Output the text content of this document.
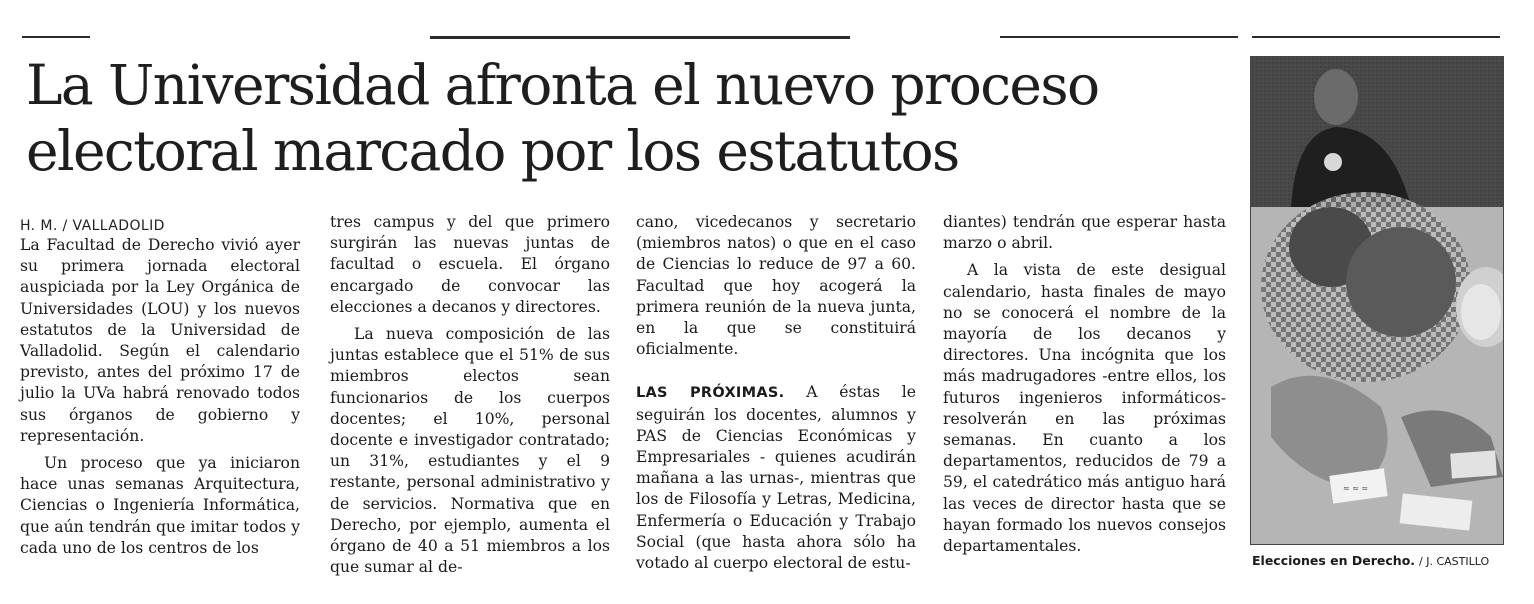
La Universidad afronta el nuevo proceso
electoral marcado por los estatutos
H. M. / VALLADOLID

La Facultad de Derecho vivió ayer su primera jornada electoral auspiciada por la Ley Orgánica de Universidades (LOU) y los nuevos estatutos de la Universidad de Valladolid. Según el calendario previsto, antes del próximo 17 de julio la UVa habrá renovado todos sus órganos de gobierno y representación.

Un proceso que ya iniciaron hace unas semanas Arquitectura, Ciencias o Ingeniería Informática, que aún tendrán que imitar todos y cada uno de los centros de los

tres campus y del que primero surgirán las nuevas juntas de facultad o escuela. El órgano encargado de convocar las elecciones a decanos y directores.

La nueva composición de las juntas establece que el 51% de sus miembros electos sean funcionarios de los cuerpos docentes; el 10%, personal docente e investigador contratado; un 31%, estudiantes y el 9 restante, personal administrativo y de servicios. Normativa que en Derecho, por ejemplo, aumenta el órgano de 40 a 51 miembros a los que sumar al de-

cano, vicedecanos y secretario (miembros natos) o que en el caso de Ciencias lo reduce de 97 a 60. Facultad que hoy acogerá la primera reunión de la nueva junta, en la que se constituirá oficialmente.

LAS PRÓXIMAS. A éstas le seguirán los docentes, alumnos y PAS de Ciencias Económicas y Empresariales - quienes acudirán mañana a las urnas-, mientras que los de Filosofía y Letras, Medicina, Enfermería o Educación y Trabajo Social (que hasta ahora sólo ha votado al cuerpo electoral de estu-

diantes) tendrán que esperar hasta marzo o abril.

A la vista de este desigual calendario, hasta finales de mayo no se conocerá el nombre de la mayoría de los decanos y directores. Una incógnita que los más madrugadores -entre ellos, los futuros ingenieros informáticos- resolverán en las próximas semanas. En cuanto a los departamentos, reducidos de 79 a 59, el catedrático más antiguo hará las veces de director hasta que se hayan formado los nuevos consejos departamentales.

≈ ≈ ≈
Elecciones en Derecho. / J. CASTILLO
